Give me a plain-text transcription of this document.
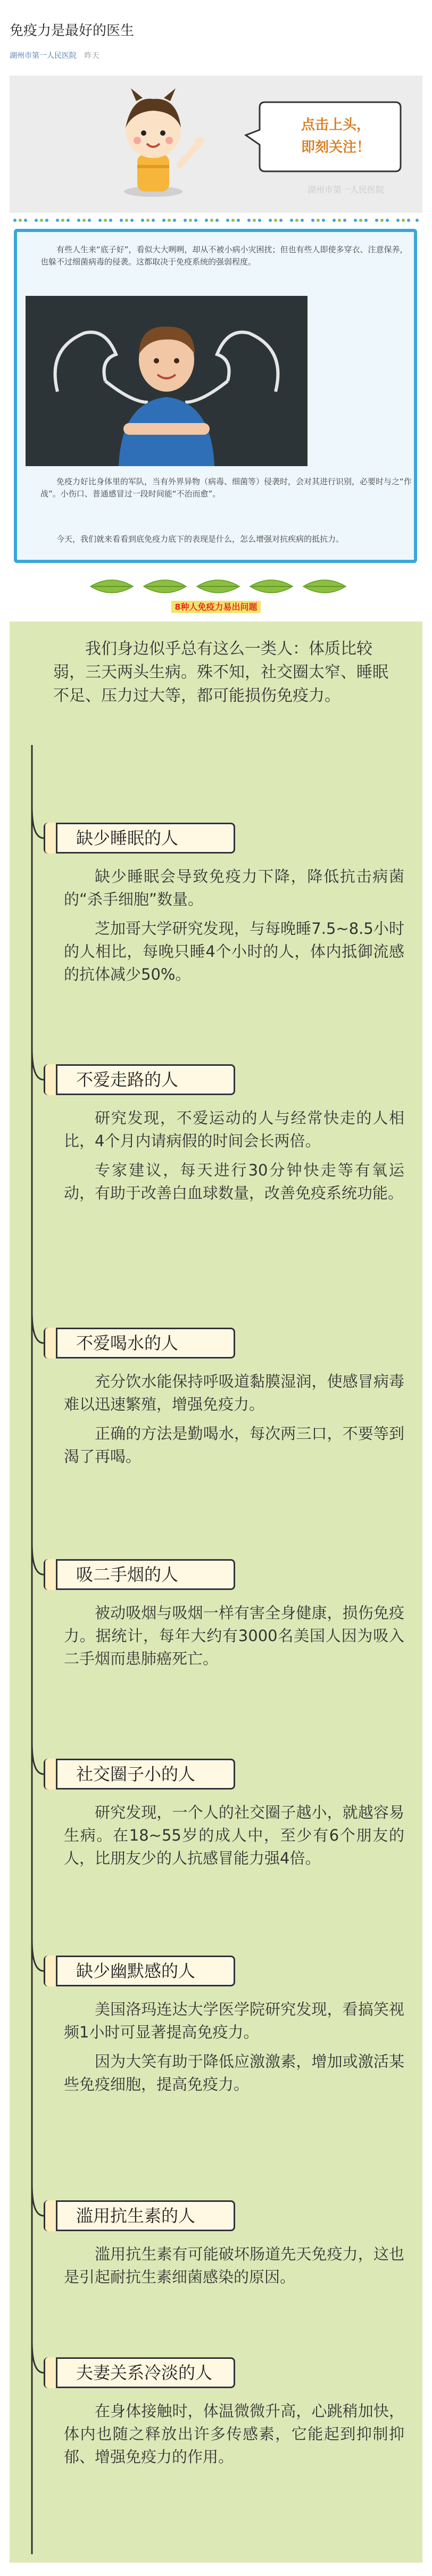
免疫力是最好的医生
湖州市第一人民医院 昨天
点击上头，
即刻关注！
湖州市第一人民医院

有些人生来“底子好”，看似大大咧咧，却从不被小病小灾困扰；但也有些人即使多穿衣、注意保养，也躲不过细菌病毒的侵袭。这都取决于免疫系统的强弱程度。

免疫力好比身体里的军队，当有外界异物（病毒、细菌等）侵袭时，会对其进行识别，必要时与之“作战”。小伤口、普通感冒过一段时间能“不治而愈”。

今天，我们就来看看到底免疫力底下的表现是什么，怎么增强对抗疾病的抵抗力。

8种人免疫力易出问题
我们身边似乎总有这么一类人：体质比较弱，三天两头生病。殊不知，社交圈太窄、睡眠不足、压力过大等，都可能损伤免疫力。
缺少睡眠的人

缺少睡眠会导致免疫力下降，降低抗击病菌的“杀手细胞”数量。

芝加哥大学研究发现，与每晚睡7.5~8.5小时的人相比，每晚只睡4个小时的人，体内抵御流感的抗体减少50%。

不爱走路的人

研究发现，不爱运动的人与经常快走的人相比，4个月内请病假的时间会长两倍。

专家建议，每天进行30分钟快走等有氧运动，有助于改善白血球数量，改善免疫系统功能。

不爱喝水的人

充分饮水能保持呼吸道黏膜湿润，使感冒病毒难以迅速繁殖，增强免疫力。

正确的方法是勤喝水，每次两三口，不要等到渴了再喝。

吸二手烟的人

被动吸烟与吸烟一样有害全身健康，损伤免疫力。据统计，每年大约有3000名美国人因为吸入二手烟而患肺癌死亡。

社交圈子小的人

研究发现，一个人的社交圈子越小，就越容易生病。在18~55岁的成人中，至少有6个朋友的人，比朋友少的人抗感冒能力强4倍。

缺少幽默感的人

美国洛玛连达大学医学院研究发现，看搞笑视频1小时可显著提高免疫力。

因为大笑有助于降低应激激素，增加或激活某些免疫细胞，提高免疫力。

滥用抗生素的人

滥用抗生素有可能破坏肠道先天免疫力，这也是引起耐抗生素细菌感染的原因。

夫妻关系冷淡的人

在身体接触时，体温微微升高，心跳稍加快，体内也随之释放出许多传感素，它能起到抑制抑郁、增强免疫力的作用。
